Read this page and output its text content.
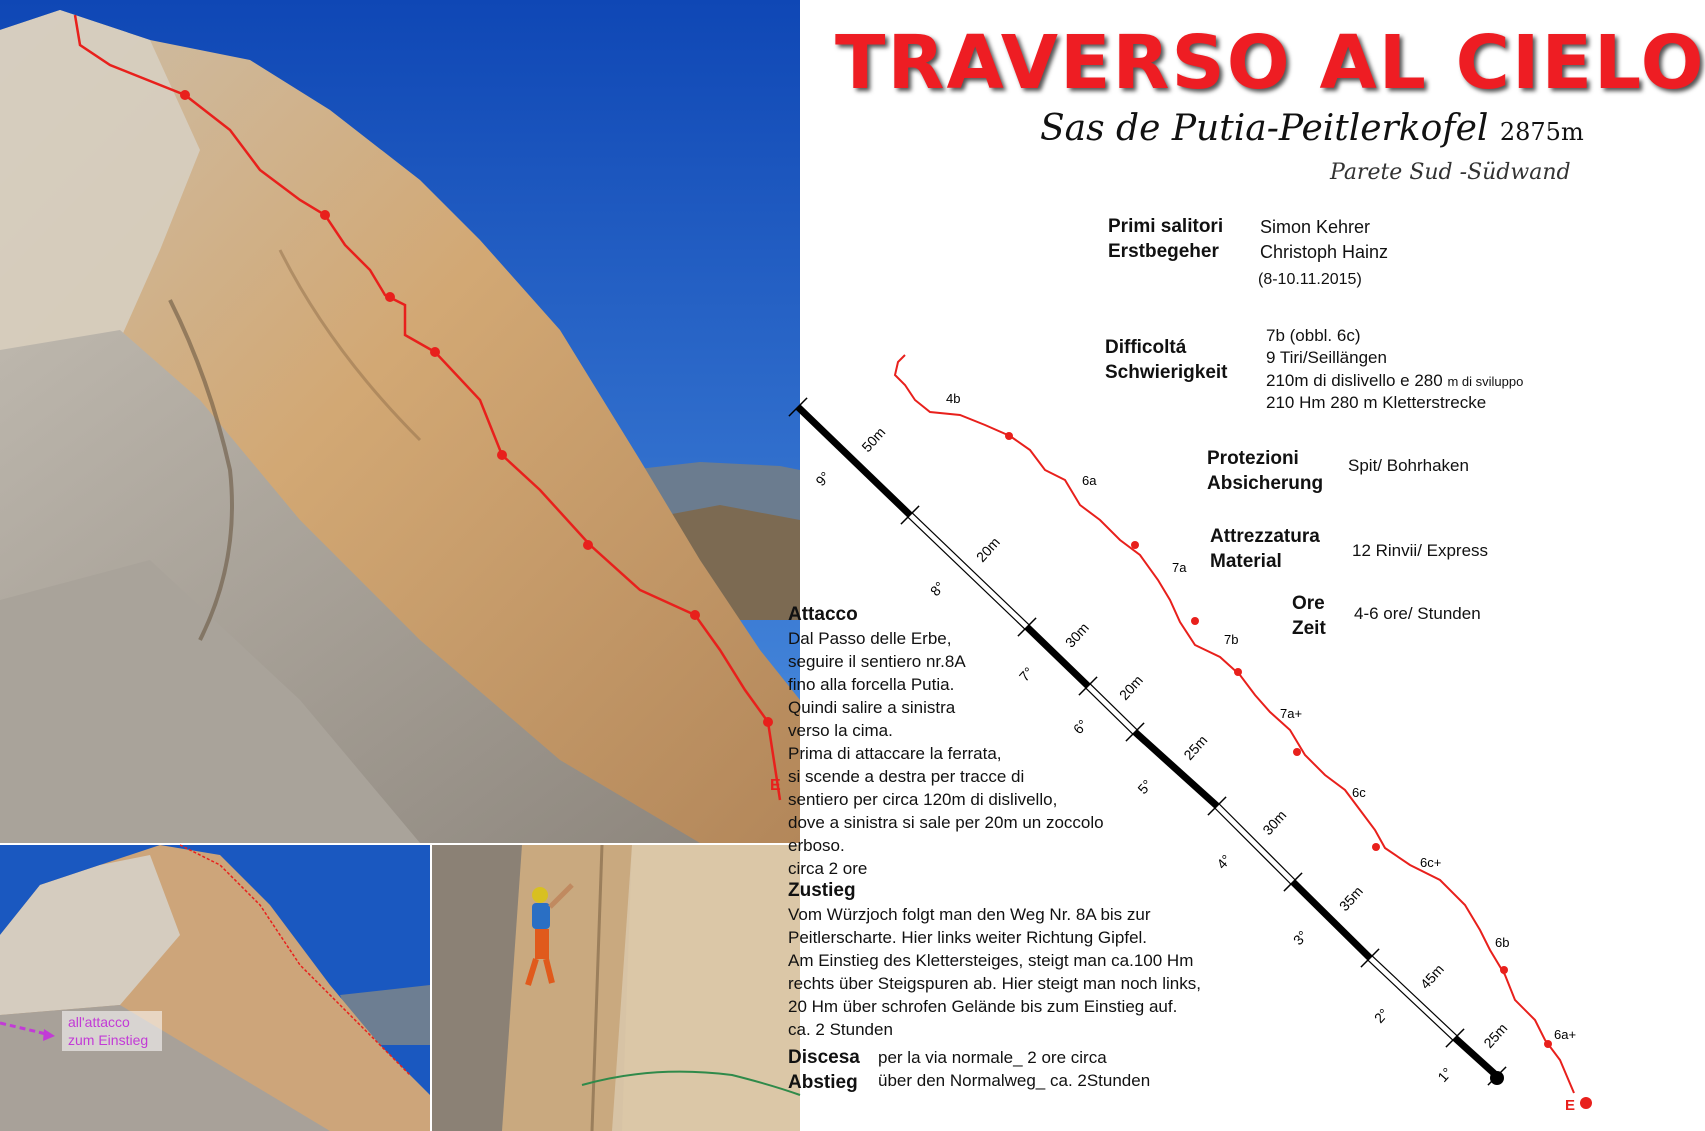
E
all'attacco
zum Einstieg
TRAVERSO AL CIELO
Sas de Putia-Peitlerkofel 2875m
Parete Sud -Südwand
Primi salitori
Erstbegeher
Simon Kehrer
Christoph Hainz
(8-10.11.2015)
Difficoltá
Schwierigkeit
7b (obbl. 6c)
9 Tiri/Seillängen
210m di dislivello e 280 m di sviluppo
210 Hm 280 m Kletterstrecke
Protezioni
Absicherung
Spit/ Bohrhaken
Attrezzatura
Material
12 Rinvii/ Express
Ore
Zeit
4-6 ore/ Stunden
1°
25m
2°
45m
3°
35m
4°
30m
5°
25m
6°
20m
7°
30m
8°
20m
9°
50m
E
4b
6a
7a
7b
7a+
6c
6c+
6b
6a+
Attacco
Dal Passo delle Erbe,
seguire il sentiero nr.8A
fino alla forcella Putia.
Quindi salire a sinistra
verso la cima.
Prima di attaccare la ferrata,
si scende a destra per tracce di
sentiero per circa 120m di dislivello,
dove a sinistra si sale per 20m un zoccolo
erboso.
circa 2 ore
Zustieg
Vom Würzjoch folgt man den Weg Nr. 8A bis zur
Peitlerscharte. Hier links weiter Richtung Gipfel.
Am Einstieg des Klettersteiges, steigt man ca.100 Hm
rechts über Steigspuren ab. Hier steigt man noch links,
20 Hm über schrofen Gelände bis zum Einstieg auf.
ca. 2 Stunden
Discesa
Abstieg
per la via normale_ 2 ore circa
über den Normalweg_ ca. 2Stunden
